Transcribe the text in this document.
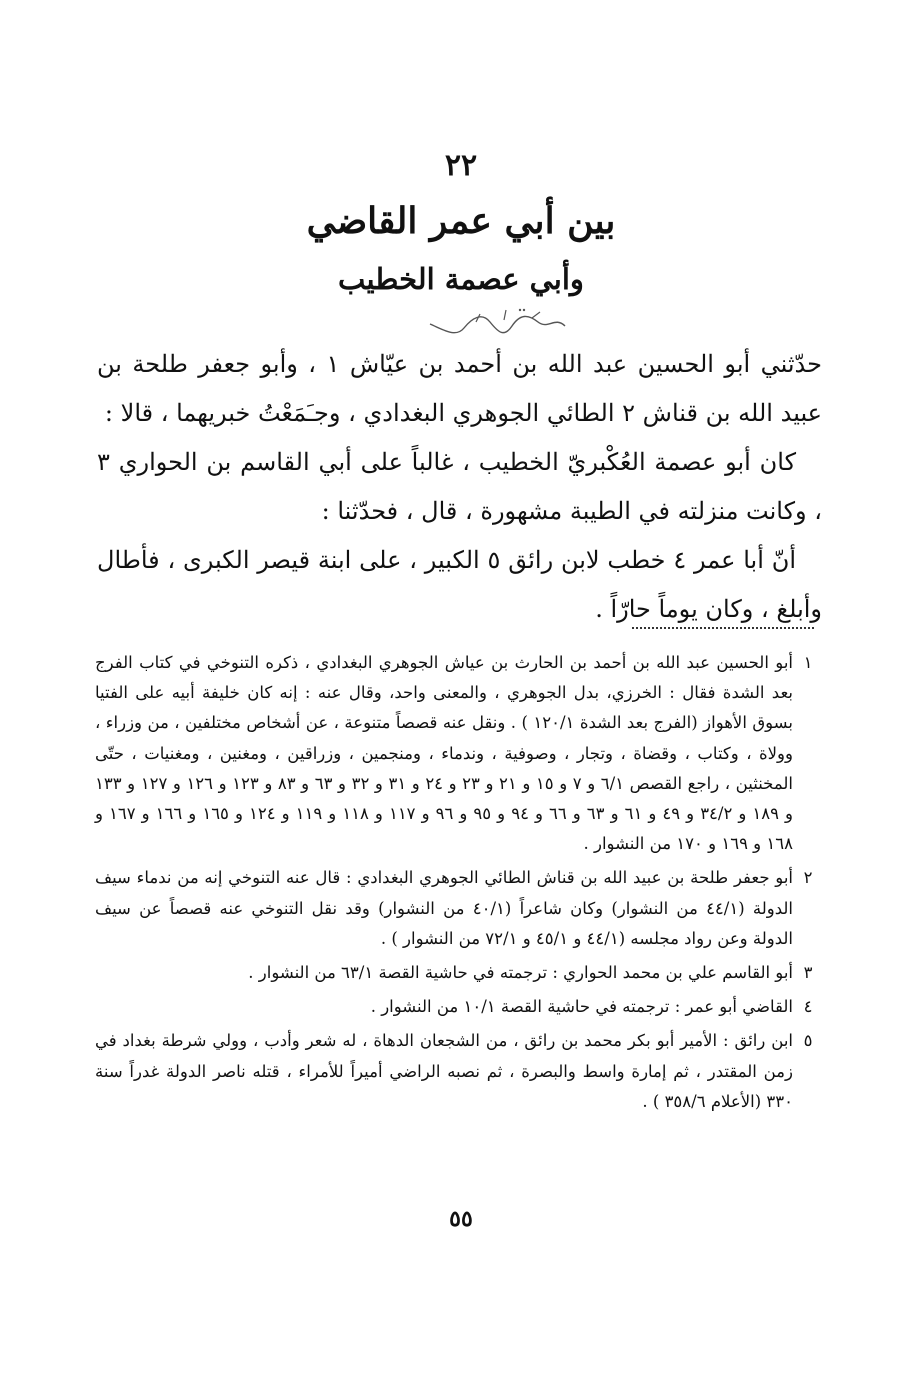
٢٢
بين أبي عمر القاضي
وأبي عصمة الخطيب

حدّثني أبو الحسين عبد الله بن أحمد بن عيّاش ١ ، وأبو جعفر طلحة بن عبيد الله بن قناش ٢ الطائي الجوهري البغدادي ، وجـَمَعْتُ خبريهما ، قالا :

كان أبو عصمة العُكْبريّ الخطيب ، غالباً على أبي القاسم بن الحواري ٣ ، وكانت منزلته في الطيبة مشهورة ، قال ، فحدّثنا :

أنّ أبا عمر ٤ خطب لابن رائق ٥ الكبير ، على ابنة قيصر الكبرى ، فأطال وأبلغ ، وكان يوماً حارّاً .

١
أبو الحسين عبد الله بن أحمد بن الحارث بن عياش الجوهري البغدادي ، ذكره التنوخي في كتاب الفرج بعد الشدة فقال : الخرزي، بدل الجوهري ، والمعنى واحد، وقال عنه : إنه كان خليفة أبيه على الفتيا بسوق الأهواز (الفرج بعد الشدة ١٢٠/١ ) . ونقل عنه قصصاً متنوعة ، عن أشخاص مختلفين ، من وزراء ، وولاة ، وكتاب ، وقضاة ، وتجار ، وصوفية ، وندماء ، ومنجمين ، وزراقين ، ومغنين ، ومغنيات ، حتّى المخنثين ، راجع القصص ٦/١ و ٧ و ١٥ و ٢١ و ٢٣ و ٢٤ و ٣١ و ٣٢ و ٦٣ و ٨٣ و ١٢٣ و ١٢٦ و ١٢٧ و ١٣٣ و ١٨٩ و ٣٤/٢ و ٤٩ و ٦١ و ٦٣ و ٦٦ و ٩٤ و ٩٥ و ٩٦ و ١١٧ و ١١٨ و ١١٩ و ١٢٤ و ١٦٥ و ١٦٦ و ١٦٧ و ١٦٨ و ١٦٩ و ١٧٠ من النشوار .
٢
أبو جعفر طلحة بن عبيد الله بن قناش الطائي الجوهري البغدادي : قال عنه التنوخي إنه من ندماء سيف الدولة (٤٤/١ من النشوار) وكان شاعراً (٤٠/١ من النشوار) وقد نقل التنوخي عنه قصصاً عن سيف الدولة وعن رواد مجلسه (٤٤/١ و ٤٥/١ و ٧٢/١ من النشوار ) .
٣
أبو القاسم علي بن محمد الحواري : ترجمته في حاشية القصة ٦٣/١ من النشوار .
٤
القاضي أبو عمر : ترجمته في حاشية القصة ١٠/١ من النشوار .
٥
ابن رائق : الأمير أبو بكر محمد بن رائق ، من الشجعان الدهاة ، له شعر وأدب ، وولي شرطة بغداد في زمن المقتدر ، ثم إمارة واسط والبصرة ، ثم نصبه الراضي أميراً للأمراء ، قتله ناصر الدولة غدراً سنة ٣٣٠ (الأعلام ٣٥٨/٦ ) .
٥٥
